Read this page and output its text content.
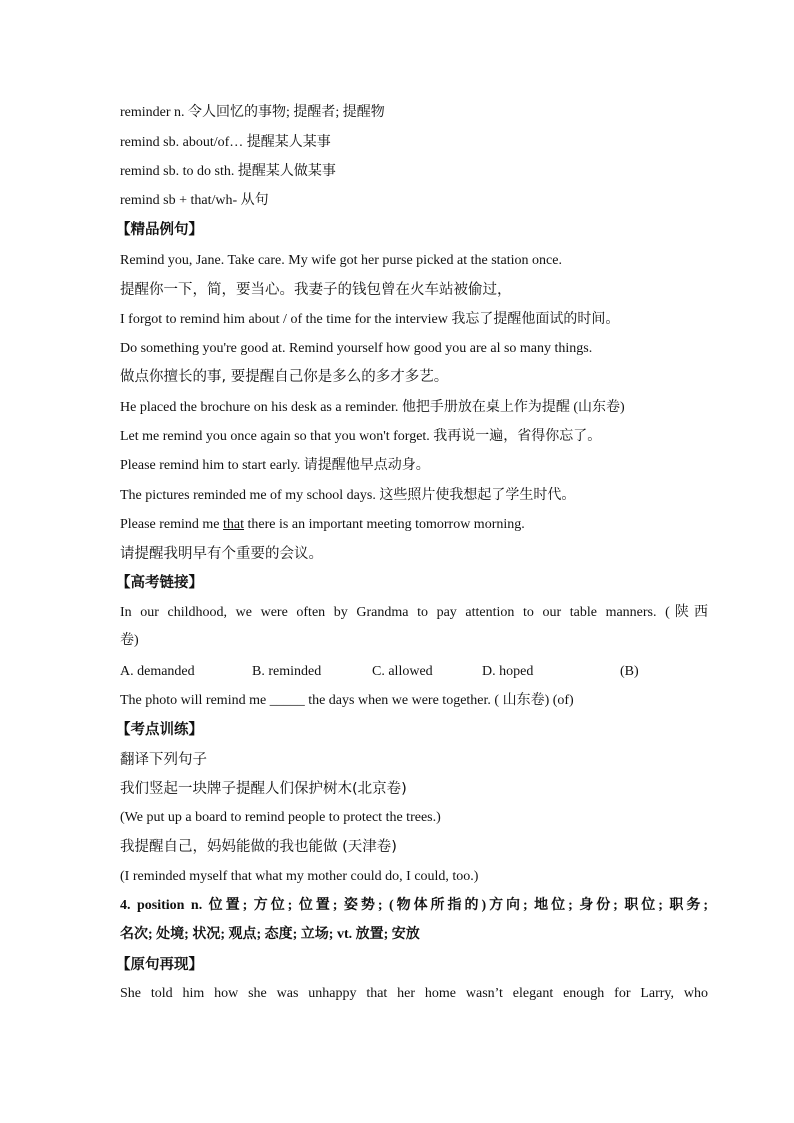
reminder n. 令人回忆的事物; 提醒者; 提醒物
remind sb. about/of… 提醒某人某事
remind sb. to do sth. 提醒某人做某事
remind sb + that/wh- 从句
【精品例句】
Remind you, Jane. Take care. My wife got her purse picked at the station once.
提醒你一下，简，要当心。我妻子的钱包曾在火车站被偷过，
I forgot to remind him about / of the time for the interview 我忘了提醒他面试的时间。
Do something you're good at. Remind yourself how good you are al so many things.
做点你擅长的事, 要提醒自己你是多么的多才多艺。
He placed the brochure on his desk as a reminder. 他把手册放在桌上作为提醒 (山东卷)
Let me remind you once again so that you won't forget. 我再说一遍，省得你忘了。
Please remind him to start early. 请提醒他早点动身。
The pictures reminded me of my school days. 这些照片使我想起了学生时代。
Please remind me that there is an important meeting tomorrow morning.
请提醒我明早有个重要的会议。
【高考链接】
In our childhood, we were often by Grandma to pay attention to our table manners. (陕西
卷)
A. demanded	B. reminded	C. allowed	D. hoped	(B)
The photo will remind me _____ the days when we were together. ( 山东卷) (of)
【考点训练】
翻译下列句子
我们竖起一块牌子提醒人们保护树木(北京卷)
(We put up a board to remind people to protect the trees.)
我提醒自己，妈妈能做的我也能做 (天津卷)
(I reminded myself that what my mother could do, I could, too.)
4. position n. 位置; 方位; 位置; 姿势; (物体所指的)方向; 地位; 身份; 职位; 职务;
名次; 处境; 状况; 观点; 态度; 立场; vt. 放置; 安放
【原句再现】
She told him how she was unhappy that her home wasn’t elegant enough for Larry, who
